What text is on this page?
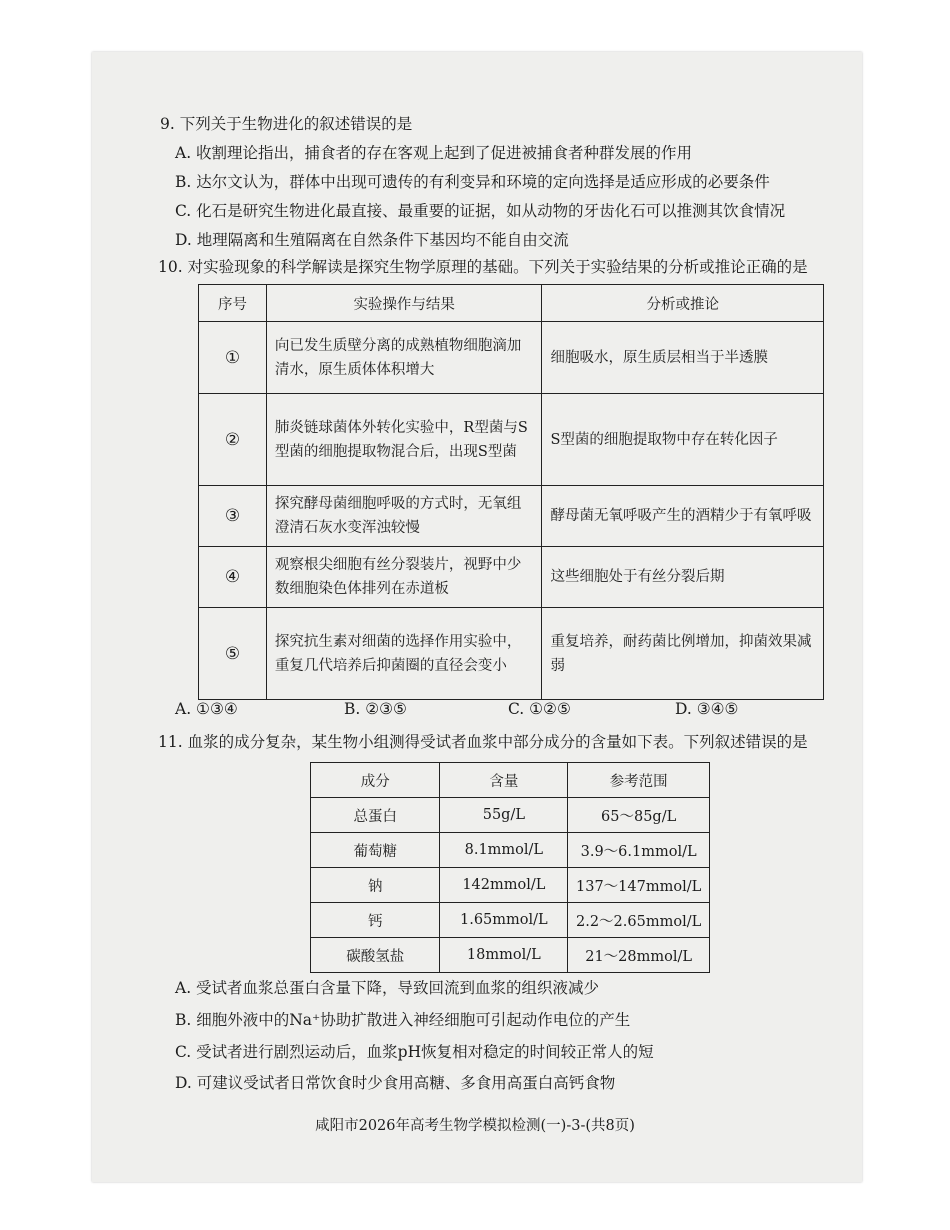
9. 下列关于生物进化的叙述错误的是
A. 收割理论指出，捕食者的存在客观上起到了促进被捕食者种群发展的作用
B. 达尔文认为，群体中出现可遗传的有利变异和环境的定向选择是适应形成的必要条件
C. 化石是研究生物进化最直接、最重要的证据，如从动物的牙齿化石可以推测其饮食情况
D. 地理隔离和生殖隔离在自然条件下基因均不能自由交流
10. 对实验现象的科学解读是探究生物学原理的基础。下列关于实验结果的分析或推论正确的是
序号	实验操作与结果	分析或推论
①	向已发生质壁分离的成熟植物细胞滴加清水，原生质体体积增大	细胞吸水，原生质层相当于半透膜
②	肺炎链球菌体外转化实验中，R型菌与S型菌的细胞提取物混合后，出现S型菌	S型菌的细胞提取物中存在转化因子
③	探究酵母菌细胞呼吸的方式时，无氧组澄清石灰水变浑浊较慢	酵母菌无氧呼吸产生的酒精少于有氧呼吸
④	观察根尖细胞有丝分裂装片，视野中少数细胞染色体排列在赤道板	这些细胞处于有丝分裂后期
⑤	探究抗生素对细菌的选择作用实验中，重复几代培养后抑菌圈的直径会变小	重复培养，耐药菌比例增加，抑菌效果减弱
A. ①③④	B. ②③⑤	C. ①②⑤	D. ③④⑤
11. 血浆的成分复杂，某生物小组测得受试者血浆中部分成分的含量如下表。下列叙述错误的是
成分	含量	参考范围
总蛋白	55g/L	65～85g/L
葡萄糖	8.1mmol/L	3.9～6.1mmol/L
钠	142mmol/L	137～147mmol/L
钙	1.65mmol/L	2.2～2.65mmol/L
碳酸氢盐	18mmol/L	21～28mmol/L
A. 受试者血浆总蛋白含量下降，导致回流到血浆的组织液减少
B. 细胞外液中的Na⁺协助扩散进入神经细胞可引起动作电位的产生
C. 受试者进行剧烈运动后，血浆pH恢复相对稳定的时间较正常人的短
D. 可建议受试者日常饮食时少食用高糖、多食用高蛋白高钙食物
咸阳市2026年高考生物学模拟检测(一)-3-(共8页)
